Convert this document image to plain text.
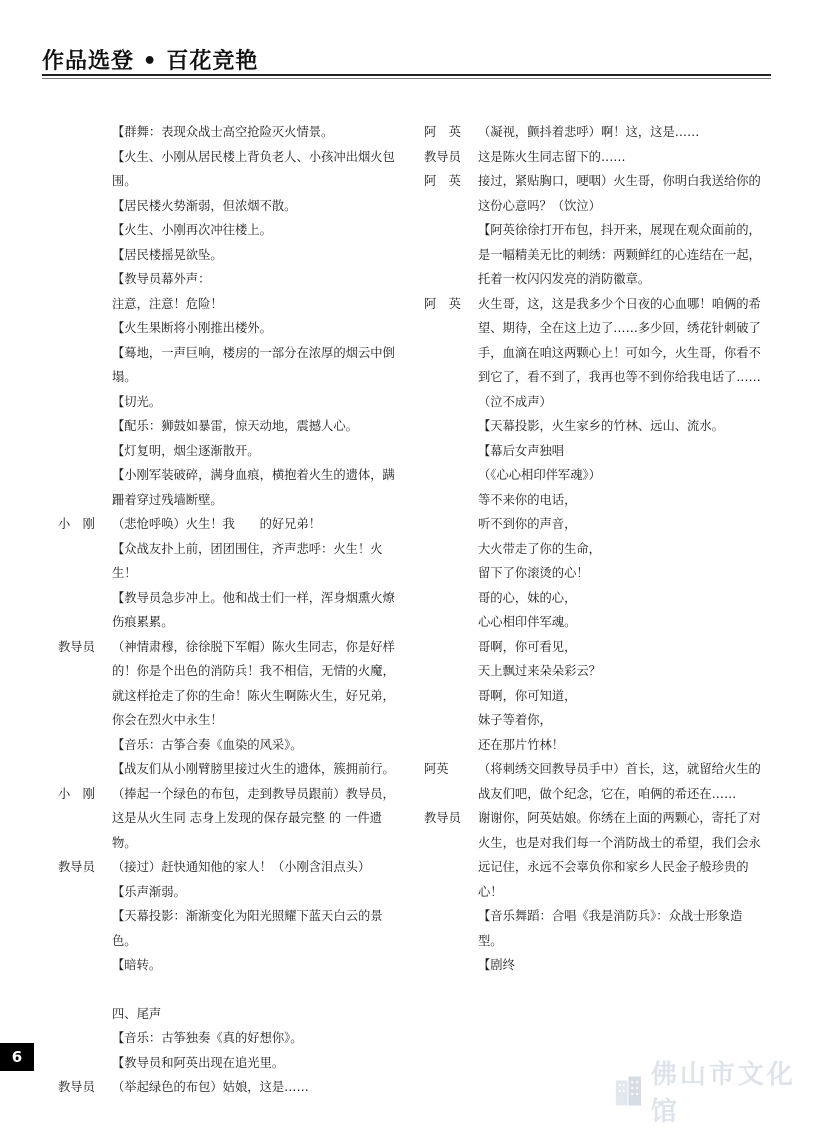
作品选登 • 百花竞艳
【群舞：表现众战士高空抢险灭火情景。
【火生、小刚从居民楼上背负老人、小孩冲出烟火包围。
【居民楼火势渐弱，但浓烟不散。
【火生、小刚再次冲往楼上。
【居民楼摇晃欲坠。
【教导员幕外声：
注意，注意！危险！
【火生果断将小刚推出楼外。
【蓦地，一声巨响，楼房的一部分在浓厚的烟云中倒塌。
【切光。
【配乐：狮鼓如暴雷，惊天动地，震撼人心。
【灯复明，烟尘逐渐散开。
【小刚军装破碎，满身血痕，横抱着火生的遗体，蹒跚着穿过残墙断壁。
小　刚	（悲怆呼唤）火生！我　　的好兄弟！
【众战友扑上前，团团围住，齐声悲呼：火生！火生！
【教导员急步冲上。他和战士们一样，浑身烟熏火燎伤痕累累。
教导员	（神情肃穆，徐徐脱下军帽）陈火生同志，你是好样的！你是个出色的消防兵！我不相信，无情的火魔，就这样抢走了你的生命！陈火生啊陈火生，好兄弟，你会在烈火中永生！
【音乐：古筝合奏《血染的风采》。
【战友们从小刚臂膀里接过火生的遗体，簇拥前行。
小　刚	（捧起一个绿色的布包，走到教导员跟前）教导员，这是从火生同 志身上发现的保存最完整 的 一件遗物。
教导员	（接过）赶快通知他的家人！（小刚含泪点头）
【乐声渐弱。
【天幕投影：渐渐变化为阳光照耀下蓝天白云的景色。
【暗转。
四、尾声
【音乐：古筝独奏《真的好想你》。
【教导员和阿英出现在追光里。
教导员	（举起绿色的布包）姑娘，这是……
阿　英	（凝视，颤抖着悲呼）啊！这，这是……
教导员	这是陈火生同志留下的……
阿　英	接过，紧贴胸口，哽咽）火生哥，你明白我送给你的这份心意吗？（饮泣）
【阿英徐徐打开布包，抖开来，展现在观众面前的，是一幅精美无比的刺绣：两颗鲜红的心连结在一起，托着一枚闪闪发亮的消防徽章。
阿　英	火生哥，这，这是我多少个日夜的心血哪！咱俩的希望、期待，全在这上边了……多少回，绣花针刺破了手，血滴在咱这两颗心上！可如今，火生哥，你看不到它了，看不到了，我再也等不到你给我电话了……（泣不成声）
【天幕投影，火生家乡的竹林、远山、流水。
【幕后女声独唱
（《心心相印伴军魂》）
等不来你的电话，
听不到你的声音，
大火带走了你的生命，
留下了你滚烫的心！
哥的心，妹的心，
心心相印伴军魂。
哥啊，你可看见，
天上飘过来朵朵彩云？
哥啊，你可知道，
妹子等着你，
还在那片竹林！
阿英	（将刺绣交回教导员手中）首长，这，就留给火生的战友们吧，做个纪念，它在，咱俩的希还在……
教导员	谢谢你，阿英姑娘。你绣在上面的两颗心，寄托了对火生，也是对我们每一个消防战士的希望，我们会永远记住，永远不会辜负你和家乡人民金子般珍贵的心！
【音乐舞蹈：合唱《我是消防兵》：众战士形象造型。
【剧终
6
佛山市文化馆
